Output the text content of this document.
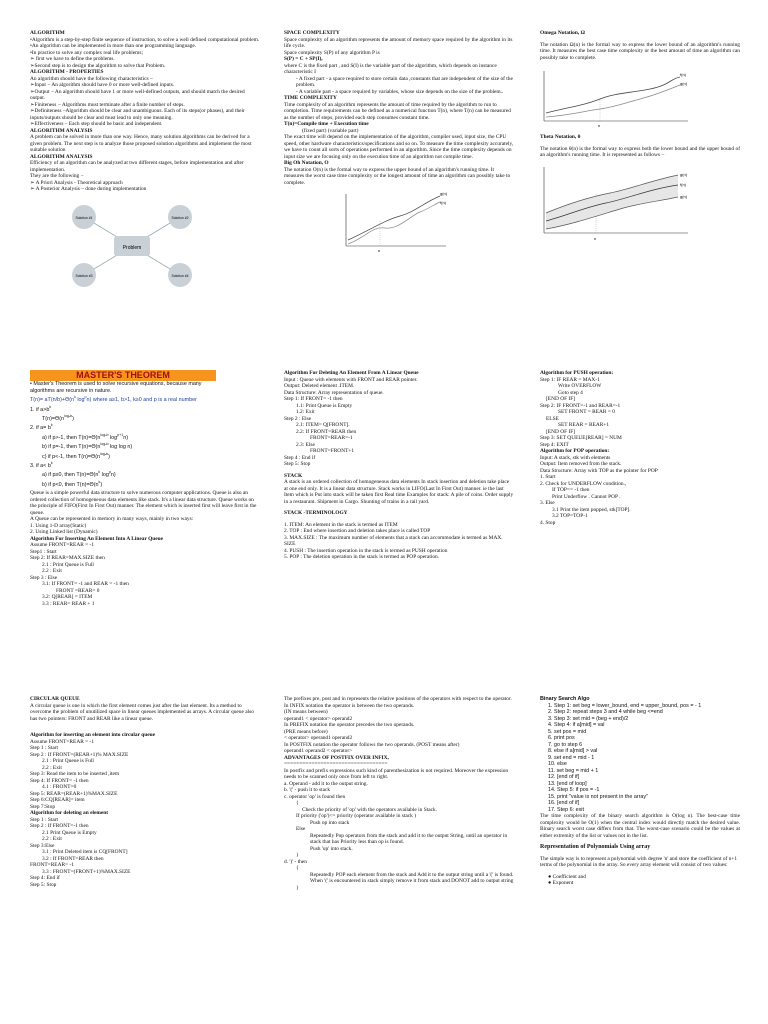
ALGORITHM
•Algorithm is a step-by-step finite sequence of instruction, to solve a well defined computational problem.
•An algorithm can be implemented in more than one programming language.
•In practice to solve any complex real life problems;
➢ first we have to define the problems.
➢Second step is to design the algorithm to solve that Problem.
ALGORITHM - PROPERTIES
An algorithm should have the following characteristics −
➢Input − An algorithm should have 0 or more well-defined inputs.
➢Output − An algorithm should have 1 or more well-defined outputs, and should match the desired output.
➢Finiteness − Algorithms must terminate after a finite number of steps.
➢Definiteness –Algorithm should be clear and unambiguous. Each of its steps(or phases), and their inputs/outputs should be clear and must lead to only one meaning.
➢Effectiveness – Each step should be basic and independent.
ALGORITHM ANALYSIS
A problem can be solved in more than one way. Hence, many solution algorithms can be derived for a given problem. The next step is to analyze those proposed solution algorithms and implement the most suitable solution
ALGORITHM ANALYSIS
Efficiency of an algorithm can be analyzed at two different stages, before implementation and after implementation.
They are the following −
➢ A Priori Analysis - Theoretical approach
➢ A Posterior Analysis – done during implementation
Problem
Solution #1	Solution #2
Solution #3	Solution #4
SPACE COMPLEXITY
Space complexity of an algorithm represents the amount of memory space required by the algorithm in its life cycle.
Space complexity S(P) of any algorithm P is
S(P) = C + SP(I),
where C is the fixed part , and S(I) is the variable part of the algorithm, which depends on instance characteristic I
- A fixed part - a space required to store certain data ,constants that are independent of the size of the problem.
- A variable part - a space required by variables, whose size depends on the size of the problem..
TIME COMPLEXITY
Time complexity of an algorithm represents the amount of time required by the algorithm to run to completion. Time requirements can be defined as a numerical function T(n), where T(n) can be measured as the number of steps, provided each step consumes constant time.
T(n)=Compile time + Execution time
(fixed part) (variable part)
The exact time will depend on the implementation of the algorithm, compiler used, input size, the CPU speed, other hardware characteristics/specifications and so on. To measure the time complexity accurately, we have to count all sorts of operations performed in an algorithm. Since the time complexity depends on input size we are focusing only on the execution time of an algorithm not compile time.
Big Oh Notation, O
The notation O(n) is the formal way to express the upper bound of an algorithm's running time. It measures the worst case time complexity or the longest amount of time an algorithm can possibly take to complete.
g(n)
f(n)
n
Omega Notation, Ω
The notation Ω(n) is the formal way to express the lower bound of an algorithm's running time. It measures the best case time complexity or the best amount of time an algorithm can possibly take to complete.
f(n)
g(n)
n
Theta Notation, θ
The notation θ(n) is the formal way to express both the lower bound and the upper bound of an algorithm's running time. It is represented as follows −
g(n)
f(n)
g(n)
n
MASTER'S THEOREM
• Master's Theorem is used to solve recursive equations, because many algorithms are recursive in nature.
$T(n)= aT(n/b)+\Theta(n^k$ $\log^pn$) where a≥1, b>1, k≥0 and p is a real number
1. if $a>b^k$
$T(n)=\Theta(n^{log_ab})$
2. if $a= b^k$
a) if p>-1, then $T(n)=\Theta(n^{log_ab}$ $\log^{p+1}n$)
b) if p=-1, then $T(n)=\Theta(n^{log_ab}$ log log n)
c) if p<-1, then $T(n)=\Theta(n^{log_ab})$
3. if $a< b^k$
a) if p≥0, then $T(n)=\Theta(n^k$ $\log^pn$)
b) if p<0, then $T(n)=\Theta(n^k)$
Queue is a simple powerful data structure to solve numerous computer applications. Queue is also an ordered collection of homogeneous data elements like stack. It's a linear data structure. Queue works on the principle of FIFO(First In First Out) manner. The element which is inserted first will leave first in the queue.
A Queue can be represented in memory in many ways, mainly in two ways:
1. Using 1-D array(Static)
2. Using Linked list (Dynamic)
Algorithm For Inserting An Element Into A Linear Queue
Assume FRONT=REAR = -1
Step1 : Start
Step 2: If REAR=MAX.SIZE then
2.1 : Print Queue is Full
2.2 : Exit
Step 3 : Else
3.1: If FRONT= -1 and REAR = -1 then
FRONT =REAR= 0
3.2: Q[REAR] = ITEM
3.3 : REAR= REAR + 1
Algorithm For Deleting An Element From A Linear Queue
Input : Queue with elements with FRONT and REAR pointer.
Output: Deleted element .ITEM.
Data Structure: Array representation of queue.
Step 1: If FRONT= -1 then
1.1: Print Queue is Empty
1.2: Exit
Step 2 : Else
2.1: ITEM= Q[FRONT].
2.2: If FRONT=REAR then
FRONT=REAR=-1
2.3: Else
FRONT=FRONT+1
Step 4 : End if
Step 5: Stop
STACK
A stack is an ordered collection of homogeneous data elements In stack insertion and deletion take place at one end only. It is a linear data structure. Stack works in LIFO(Last In First Out) manner. ie the last Item which is Put into stack will be taken first Real time Examples for stack: A pile of coins. Order supply in a restaurant. Shipment in Cargo. Shunting of trains in a rail yard.
STACK -TERMINOLOGY
1. ITEM: An element in the stack is termed as ITEM
2. TOP : End where insertion and deletion takes place is called TOP
3. MAX.SIZE : The maximum number of elements that a stack can accommodate is termed as MAX. SIZE
4. PUSH : The insertion operation in the stack is termed as PUSH operation
5. POP : The deletion operation in the stack is termed as POP operation.
Algorithm for PUSH operation:
Step 1: IF REAR = MAX-1
Write OVERFLOW
Goto step 4
[END OF IF]
Step 2: IF FRONT=-1 and REAR=-1
SET FRONT = REAR = 0
ELSE
SET REAR = REAR+1
[END OF IF]
Step 3: SET QUEUE[REAR] = NUM
Step 4: EXIT
Algorithm for POP operation:
Input: A stack, stk with elements
Output: Item removed from the stack.
Data Structure: Array with TOP as the pointer for POP
1. Start
2. Check for UNDERFLOW condition.,
If TOP== -1 then
Print Underflow . Cannot POP .
3. Else
3.1 Print the item popped, stk[TOP].
3.2 TOP=TOP-1
4. Stop
CIRCULAR QUEUE
A circular queue is one in which the first element comes just after the last element. Its a method to overcome the problem of unutilized space in linear queues implemented as arrays. A circular queue also has two pointers: FRONT and REAR like a linear queue.
Algorithm for inserting an element into circular queue
Assume FRONT=REAR = -1
Step 1 : Start
Step 2 : If FRONT=(REAR+1)% MAX.SIZE
2.1 : Print Queue is Full
2.2 : Exit
Step 3: Read the item to be inserted ,item
Step 4: If FRONT= -1 then
4.1 : FRONT=0
Step 5: REAR=(REAR+1)%MAX.SIZE
Step 6:CQ[REAR]= item
Step 7:Stop
Algorithm for deleting an element
Step 1 : Start
Step 2 : If FRONT=-1 then
2.1 Print Queue is Empty
2.2 : Exit
Step 3:Else
3.1 : Print Deleted item is CQ[FRONT]
3.2 : If FRONT=REAR then
FRONT=REAR= -1
3.3 : FRONT=(FRONT+1)%MAX.SIZE
Step 4: End if
Step 5: Stop
The prefixes pre, post and in represents the relative positions of the operators with respect to the operator.
In INFIX notation the operator is between the two operands.
(IN means between)
operand1 < operator> operand2
In PREFIX notation the operator precedes the two operands.
(PRE means before)
< operator> operand1 operand2
In POSTFIX notation the operator follows the two operands. (POST means after)
operand1 operand2 < operator>
ADVANTAGES OF POSTFIX OVER INFIX,
==================================
In postfix and prefix expressions such kind of parenthesization is not required. Moreover the expression needs to be scanned only once from left to right.
a. Operand - add it to the output string.
b. '(' - push it to stack
c. operator 'op' is found then
{
Check the priority of 'op' with the operators available in Stack.
If priority ('op')<= priority (operator available in stack )
Push op into stack
Else
Repeatedly Pop operators from the stack and add it to the output String, until an operator in stack that has Priority less than op is found.
Push 'op' into stack.
}
d. ')' - then
{
Repeatedly POP each element from the stack and Add it to the output string until a '(' is found.
When '(' is encountered in stack simply remove it from stack and DONOT add to output string
}
Binary Search Algo
1. Step 1: set beg = lower_bound, end = upper_bound, pos = - 1
2. Step 2: repeat steps 3 and 4 while beg <=end
3. Step 3: set mid = (beg + end)/2
4. Step 4: if a[mid] = val
5. set pos = mid
6. print pos
7. go to step 6
8. else if a[mid] > val
9. set end = mid - 1
10. else
11. set beg = mid + 1
12. [end of if]
13. [end of loop]
14. Step 5: if pos = -1
15. print "value is not present in the array"
16. [end of if]
17. Step 6: exit
The time complexity of the binary search algorithm is O(log n). The best-case time complexity would be O(1) when the central index would directly match the desired value. Binary search worst case differs from that. The worst-case scenario could be the values at either extremity of the list or values not in the list.
Representation of Polynomials Using array
The simple way is to represent a polynomial with degree 'n' and store the coefficient of n+1 terms of the polynomial in the array. So every array element will consist of two values:
● Coefficient and
● Exponent
